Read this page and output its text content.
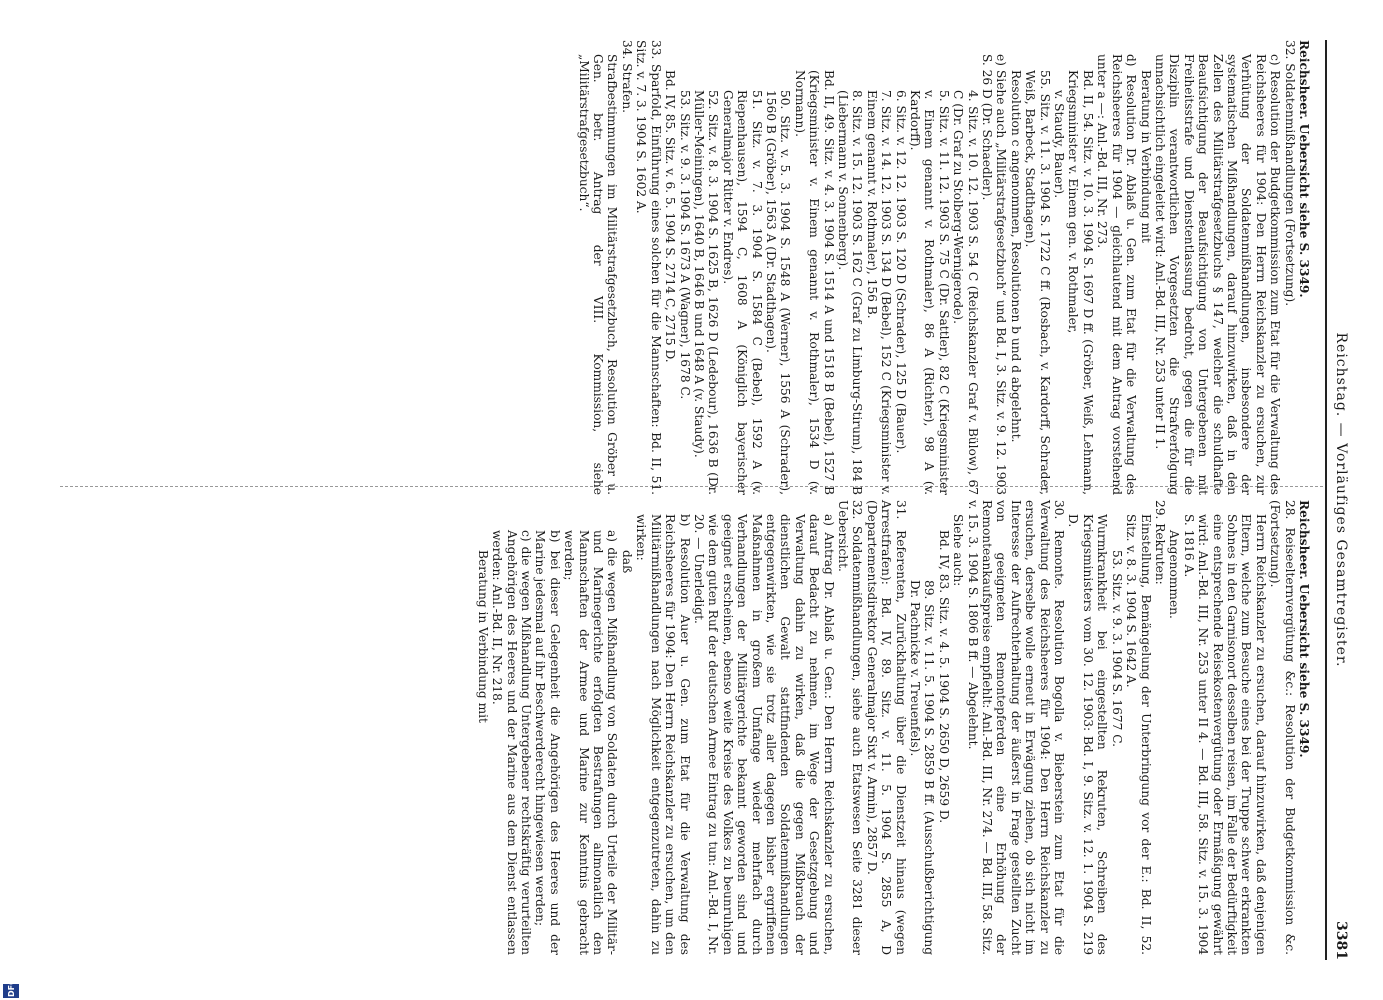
Reichstag. — Vorläufiges Gesamtregister.
3381

Reichsheer. Uebersicht siehe S. 3349.

28. Reiseelternvergütung &c.: Resolution der Budgetkommission &c. (Fortsetzung).

Herrn Reichskanzler zu ersuchen, darauf hinzuwirken, daß denjenigen Eltern, welche zum Besuche eines bei der Truppe schwer erkrankten Sohnes in den Garnisonort desselben reisen, im Falle der Bedürftigkeit eine entsprechende Reisekostenvergütung oder Ermäßigung gewährt wird: Anl.-Bd. III, Nr. 253 unter II 4. — Bd. III, 58. Sitz. v. 15. 3. 1904 S. 1816 A.

Angenommen.

29. Rekruten:

Einstellung, Bemängelung der Unterbringung vor der E.: Bd. II, 52. Sitz. v. 8. 3. 1904 S. 1642 A.

53. Sitz. v. 9. 3. 1904 S. 1677 C.

Wurmkrankheit bei eingestellten Rekruten, Schreiben des Kriegsministers vom 30. 12. 1903: Bd. I, 9. Sitz. v. 12. 1. 1904 S. 219 D.

30. Remonte. Resolution Bogolla v. Bieberstein zum Etat für die Verwaltung des Reichsheeres für 1904: Den Herrn Reichskanzler zu ersuchen, derselbe wolle erneut in Erwägung ziehen, ob sich nicht im Interesse der Aufrechterhaltung der äußerst in Frage gestellten Zucht von geeigneten Remontepferden eine Erhöhung der Remonteankaufspreise empfiehlt: Anl.-Bd. III, Nr. 274. — Bd. III, 58. Sitz. v. 15. 3. 1904 S. 1806 B ff. — Abgelehnt.

Siehe auch:

Bd. IV, 83. Sitz. v. 4. 5. 1904 S. 2650 D, 2659 D.

89. Sitz. v. 11. 5. 1904 S. 2859 B ff. (Ausschußberichtigung Dr. Pachnicke v. Treuenfels).

31. Referenten, Zurückhaltung über die Dienstzeit hinaus (wegen Arrestfrafen): Bd. IV, 89. Sitz. v. 11. 5. 1904 S. 2855 A, D (Departementsdirektor Generalmajor Sixt v. Armin), 2857 D.

32. Soldatenmißhandlungen, siehe auch Etatswesen Seite 3281 dieser Uebersicht.

a) Antrag Dr. Ablaß u. Gen.: Den Herrn Reichskanzler zu ersuchen, darauf Bedacht zu nehmen, im Wege der Gesetzgebung und Verwaltung dahin zu wirken, daß die gegen Mißbrauch der dienstlichen Gewalt stattfindenden Soldatenmißhandlungen entgegenwirkten, wie sie trotz aller dagegen bisher ergriffenen Maßnahmen in großem Umfange wieder mehrfach durch Verhandlungen der Militärgerichte bekannt geworden sind und geeignet erscheinen, ebenso weite Kreise des Volkes zu beunruhigen wie dem guten Ruf der deutschen Armee Eintrag zu tun: Anl.-Bd. I, Nr. 20. — Unerledigt.

b) Resolution Auer u. Gen. zum Etat für die Verwaltung des Reichsheeres für 1904: Den Herrn Reichskanzler zu ersuchen, um den Militärmißhandlungen nach Möglichkeit entgegenzutreten, dahin zu wirken:

daß

a) die wegen Mißhandlung von Soldaten durch Urteile der Militär- und Marinegerichte erfolgten Bestrafungen allmonatlich den Mannschaften der Armee und Marine zur Kenntnis gebracht werden;

b) bei dieser Gelegenheit die Angehörigen des Heeres und der Marine jedesmal auf ihr Beschwerderecht hingewiesen werden;

c) die wegen Mißhandlung Untergebener rechtskräftig verurteilten Angehörigen des Heeres und der Marine aus dem Dienst entlassen werden: Anl.-Bd. II, Nr. 218.

Beratung in Verbindung mit

Reichsheer. Uebersicht siehe S. 3349.

32. Soldatenmißhandlungen (Fortsetzung).

c) Resolution der Budgetkommission zum Etat für die Verwaltung des Reichsheeres für 1904: Den Herrn Reichskanzler zu ersuchen, zur Verhütung der Soldatenmißhandlungen, insbesondere der systematischen Mißhandlungen, darauf hinzuwirken, daß in den Zellen des Militärstrafgesetzbuchs § 147, welcher die schuldhafte Beaufsichtigung der Beaufsichtigung von Untergebenen mit Freiheitsstrafe und Dienstentlassung bedroht, gegen die für die Disziplin verantwortlichen Vorgesetzten die Strafverfolgung unnachsichtlich eingeleitet wird: Anl.-Bd. III, Nr. 253 unter II 1.

Beratung in Verbindung mit

d) Resolution Dr. Ablaß u. Gen. zum Etat für die Verwaltung des Reichsheeres für 1904 — gleichlautend mit dem Antrag vorstehend unter a —: Anl.-Bd. III, Nr. 273.

Bd. II, 54. Sitz. v. 10. 3. 1904 S. 1697 D ff. (Gröber, Weiß, Lehmann, Kriegsminister v. Einem gen. v. Rothmaler,

v. Staudy, Bauer).

55. Sitz. v. 11. 3. 1904 S. 1722 C ff. (Rosbach, v. Kardorff, Schrader, Weiß, Barbeck, Stadthagen).

Resolution c angenommen, Resolutionen b und d abgelehnt.

e) Siehe auch „Militärstrafgesetzbuch“ und Bd. I, 3. Sitz. v. 9. 12. 1903 S. 26 D (Dr. Schaedler).

4. Sitz. v. 10. 12. 1903 S. 54 C (Reichskanzler Graf v. Bülow), 67 C (Dr. Graf zu Stolberg-Wernigerode).

5. Sitz. v. 11. 12. 1903 S. 75 C (Dr. Sattler), 82 C (Kriegsminister v. Einem genannt v. Rothmaler), 86 A (Richter), 98 A (v. Kardorff).

6. Sitz. v. 12. 12. 1903 S. 120 D (Schrader), 125 D (Bauer).

7. Sitz. v. 14. 12. 1903 S. 134 D (Bebel), 152 C (Kriegsminister v. Einem genannt v. Rothmaler), 156 B.

8. Sitz. v. 15. 12. 1903 S. 162 C (Graf zu Limburg-Stirum), 184 B (Liebermann v. Sonnenberg).

Bd. II, 49. Sitz. v. 4. 3. 1904 S. 1514 A und 1518 B (Bebel), 1527 B (Kriegsminister v. Einem genannt v. Rothmaler), 1534 D (v. Normann).

50. Sitz. v. 5. 3. 1904 S. 1548 A (Werner), 1556 A (Schrader), 1560 B (Gröber), 1563 A (Dr. Stadthagen).

51. Sitz. v. 7. 3. 1904 S. 1584 C (Bebel), 1592 A (v. Riepenhausen), 1594 C, 1608 A (Königlich bayerischer Generalmajor Ritter v. Endres).

52. Sitz. v. 8. 3. 1904 S. 1625 B, 1626 D (Ledebour), 1636 B (Dr. Müller-Meiningen), 1640 B, 1646 B und 1648 A (v. Staudy).

53. Sitz. v. 9. 3. 1904 S. 1673 A (Wagner), 1678 C.

Bd. IV, 85. Sitz. v. 6. 5. 1904 S. 2714 C, 2715 D.

33. Sparfold, Einführung eines solchen für die Mannschaften: Bd. II, 51. Sitz. v. 7. 3. 1904 S. 1602 A.

34. Strafen.

Strafbestimmungen im Militärstrafgesetzbuch, Resolution Gröber u. Gen. betr. Antrag der VIII. Kommission, siehe „Militärstrafgesetzbuch“.

DFG
